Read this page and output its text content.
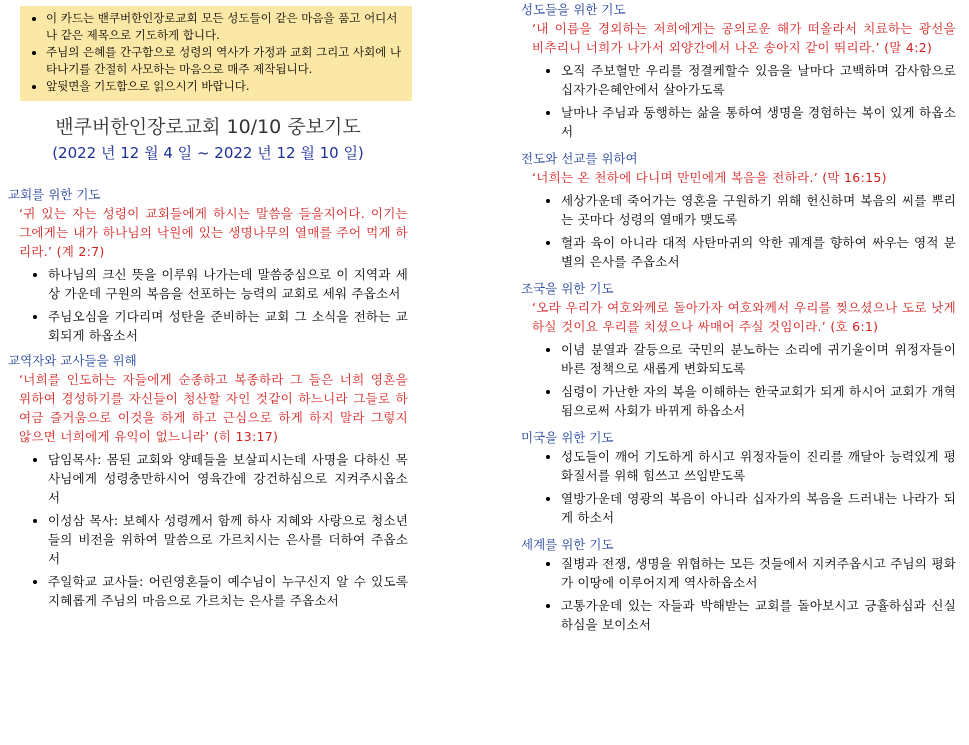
• 이 카드는 밴쿠버한인장로교회 모든 성도들이 같은 마음을 품고 어디서나 같은 제목으로 기도하게 합니다.
• 주님의 은혜를 간구함으로 성령의 역사가 가정과 교회 그리고 사회에 나타나기를 간절히 사모하는 마음으로 매주 제작됩니다.
• 앞뒷면을 기도함으로 읽으시기 바랍니다.
밴쿠버한인장로교회 10/10 중보기도
(2022 년 12 월 4 일 ~ 2022 년 12 월 10 일)
교회를 위한 기도
‘귀 있는 자는 성령이 교회들에게 하시는 말씀을 들을지어다. 이기는 그에게는 내가 하나님의 낙원에 있는 생명나무의 열매를 주어 먹게 하리라.’ (계 2:7)
• 하나님의 크신 뜻을 이루워 나가는데 말씀중심으로 이 지역과 세상 가운데 구원의 복음을 선포하는 능력의 교회로 세워 주옵소서
• 주님오심을 기다리며 성탄을 준비하는 교회 그 소식을 전하는 교회되게 하옵소서
교역자와 교사들을 위해
‘너희를 인도하는 자들에게 순종하고 복종하라 그 들은 너희 영혼을 위하여 경성하기를 자신들이 청산할 자인 것같이 하느니라 그들로 하여금 즐거움으로 이것을 하게 하고 근심으로 하게 하지 말라 그렇지 않으면 너희에게 유익이 없느니라’ (히 13:17)
• 담임목사: 몸된 교회와 양떼들을 보살피시는데 사명을 다하신 목사님에게 성령충만하시어 영육간에 강건하심으로 지켜주시옵소서
• 이성삼 목사: 보혜사 성령께서 함께 하사 지혜와 사랑으로 청소년들의 비전을 위하여 말씀으로 가르치시는 은사를 더하여 주옵소서
• 주일학교 교사들: 어린영혼들이 예수님이 누구신지 알 수 있도록 지혜롭게 주님의 마음으로 가르치는 은사를 주옵소서
성도들을 위한 기도
‘내 이름을 경외하는 저희에게는 공의로운 해가 떠올라서 치료하는 광선을 비추리니 너희가 나가서 외양간에서 나온 송아지 같이 뛰리라.’ (말 4:2)
• 오직 주보혈만 우리를 정결케할수 있음을 날마다 고백하며 감사함으로 십자가은혜안에서 살아가도록
• 날마나 주님과 동행하는 삶을 통하여 생명을 경험하는 복이 있게 하옵소서
전도와 선교를 위하여
‘너희는 온 천하에 다니며 만민에게 복음을 전하라.’ (막 16:15)
• 세상가운데 죽어가는 영혼을 구원하기 위해 헌신하며 복음의 씨를 뿌리는 곳마다 성령의 열매가 맺도록
• 혈과 육이 아니라 대적 사탄마귀의 악한 궤계를 향하여 싸우는 영적 분별의 은사를 주옵소서
조국을 위한 기도
‘오라 우리가 여호와께로 돌아가자 여호와께서 우리를 찢으셨으나 도로 낫게 하실 것이요 우리를 치셨으나 싸매어 주실 것임이라.’ (호 6:1)
• 이념 분열과 갈등으로 국민의 분노하는 소리에 귀기울이며 위정자들이 바른 정책으로 새롭게 변화되도록
• 심령이 가난한 자의 복을 이해하는 한국교회가 되게 하시어 교회가 개혁됨으로써 사회가 바뀌게 하옵소서
미국을 위한 기도
• 성도들이 깨어 기도하게 하시고 위정자들이 진리를 깨달아 능력있게 평화질서를 위해 힘쓰고 쓰임받도록
• 열방가운데 영광의 복음이 아니라 십자가의 복음을 드러내는 나라가 되게 하소서
세계를 위한 기도
• 질병과 전쟁, 생명을 위협하는 모든 것들에서 지켜주옵시고 주님의 평화가 이땅에 이루어지게 역사하옵소서
• 고통가운데 있는 자들과 박해받는 교회를 돌아보시고 긍휼하심과 신실하심을 보이소서
